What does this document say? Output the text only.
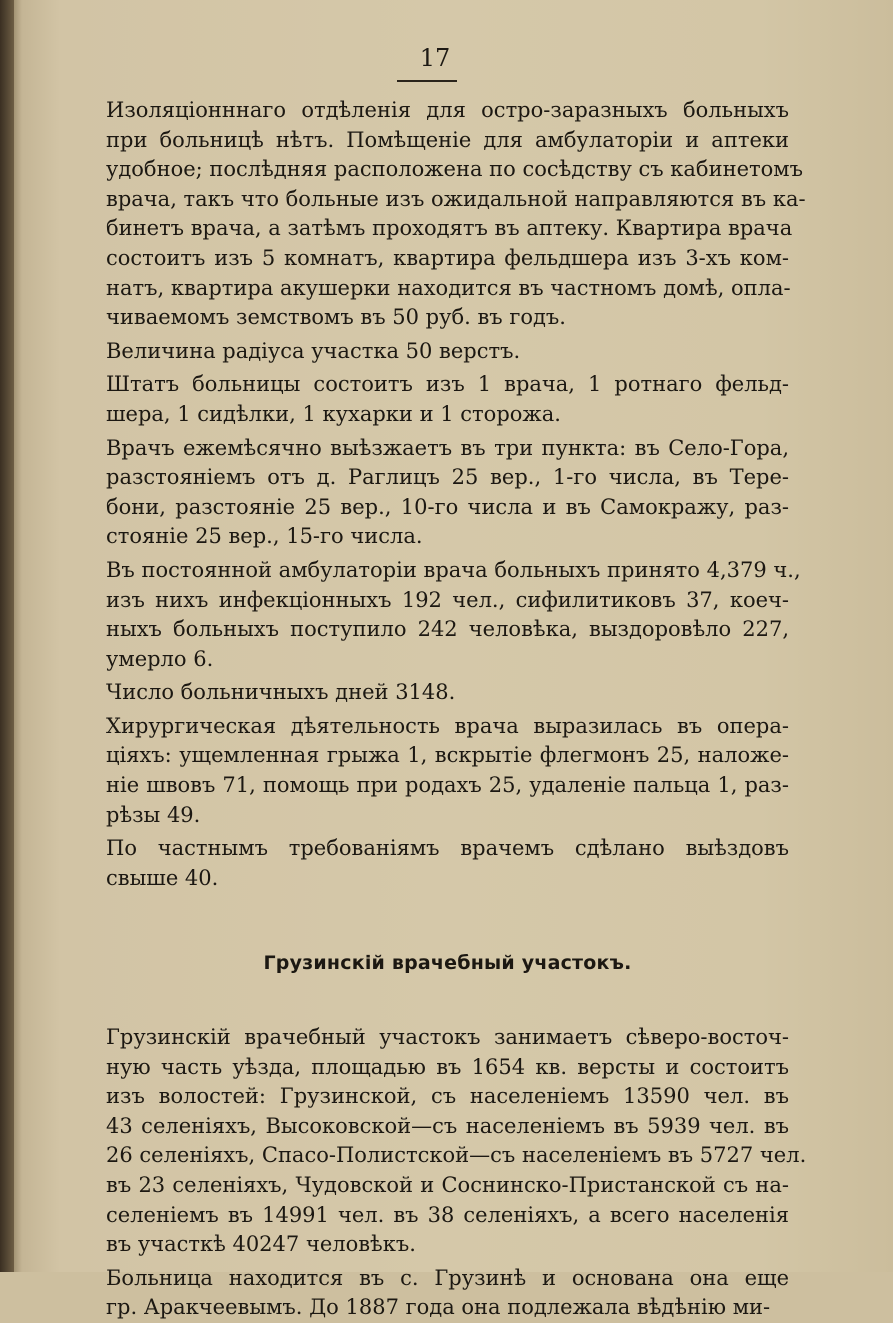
17
Изоляціонннаго отдѣленія для остро-заразныхъ больныхъ
при больницѣ нѣтъ. Помѣщеніе для амбулаторіи и аптеки
удобное; послѣдняя расположена по сосѣдству съ кабинетомъ
врача, такъ что больные изъ ожидальной направляются въ ка-
бинетъ врача, а затѣмъ проходятъ въ аптеку. Квартира врача
состоитъ изъ 5 комнатъ, квартира фельдшера изъ 3-хъ ком-
натъ, квартира акушерки находится въ частномъ домѣ, опла-
чиваемомъ земствомъ въ 50 руб. въ годъ.
Величина радіуса участка 50 верстъ.
Штатъ больницы состоитъ изъ 1 врача, 1 ротнаго фельд-
шера, 1 сидѣлки, 1 кухарки и 1 сторожа.
Врачъ ежемѣсячно выѣзжаетъ въ три пункта: въ Село-Гора,
разстояніемъ отъ д. Раглицъ 25 вер., 1-го числа, въ Тере-
бони, разстояніе 25 вер., 10-го числа и въ Самокражу, раз-
стояніе 25 вер., 15-го числа.
Въ постоянной амбулаторіи врача больныхъ принято 4,379 ч.,
изъ нихъ инфекціонныхъ 192 чел., сифилитиковъ 37, коеч-
ныхъ больныхъ поступило 242 человѣка, выздоровѣло 227,
умерло 6.
Число больничныхъ дней 3148.
Хирургическая дѣятельность врача выразилась въ опера-
ціяхъ: ущемленная грыжа 1, вскрытіе флегмонъ 25, наложе-
ніе швовъ 71, помощь при родахъ 25, удаленіе пальца 1, раз-
рѣзы 49.
По частнымъ требованіямъ врачемъ сдѣлано выѣздовъ
свыше 40.
Грузинскій врачебный участокъ.
Грузинскій врачебный участокъ занимаетъ сѣверо-восточ-
ную часть уѣзда, площадью въ 1654 кв. версты и состоитъ
изъ волостей: Грузинской, съ населеніемъ 13590 чел. въ
43 селеніяхъ, Высоковской—съ населеніемъ въ 5939 чел. въ
26 селеніяхъ, Спасо-Полистской—съ населеніемъ въ 5727 чел.
въ 23 селеніяхъ, Чудовской и Соснинско-Пристанской съ на-
селеніемъ въ 14991 чел. въ 38 селеніяхъ, а всего населенія
въ участкѣ 40247 человѣкъ.
Больница находится въ с. Грузинѣ и основана она еще
гр. Аракчеевымъ. До 1887 года она подлежала вѣдѣнію ми-
